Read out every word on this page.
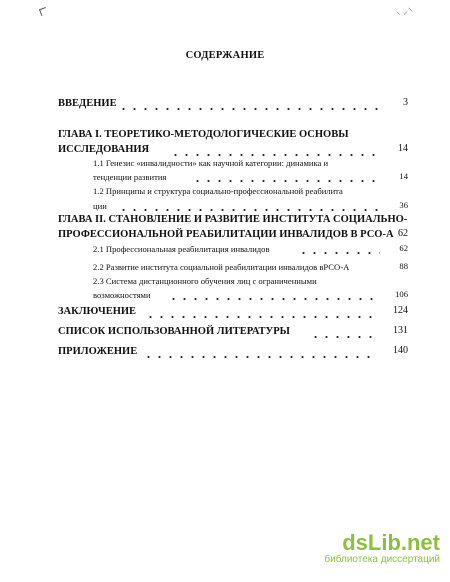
⸜ ⸝⸌
СОДЕРЖАНИЕ
ВВЕДЕНИЕ	3
ГЛАВА I. ТЕОРЕТИКО-МЕТОДОЛОГИЧЕСКИЕ ОСНОВЫ
ИССЛЕДОВАНИЯ	14
1.1 Генезис «инвалидности» как научной категории: динамика и
тенденции развития	14
1.2 Принципы и структура социально-профессиональной реабилита
ции	36
ГЛАВА II. СТАНОВЛЕНИЕ И РАЗВИТИЕ ИНСТИТУТА СОЦИАЛЬНО-
ПРОФЕССИОНАЛЬНОЙ РЕАБИЛИТАЦИИ ИНВАЛИДОВ В РСО-А 62
2.1 Профессиональная реабилитация инвалидов	62
2.2 Развитие института социальной реабилитации инвалидов вРСО-А	88
2.3 Система дистанционного обучения лиц с ограниченными
возможностями	106
ЗАКЛЮЧЕНИЕ	124
СПИСОК ИСПОЛЬЗОВАННОЙ ЛИТЕРАТУРЫ	131
ПРИЛОЖЕНИЕ	140
dsLib.net
библиотека диссертаций
